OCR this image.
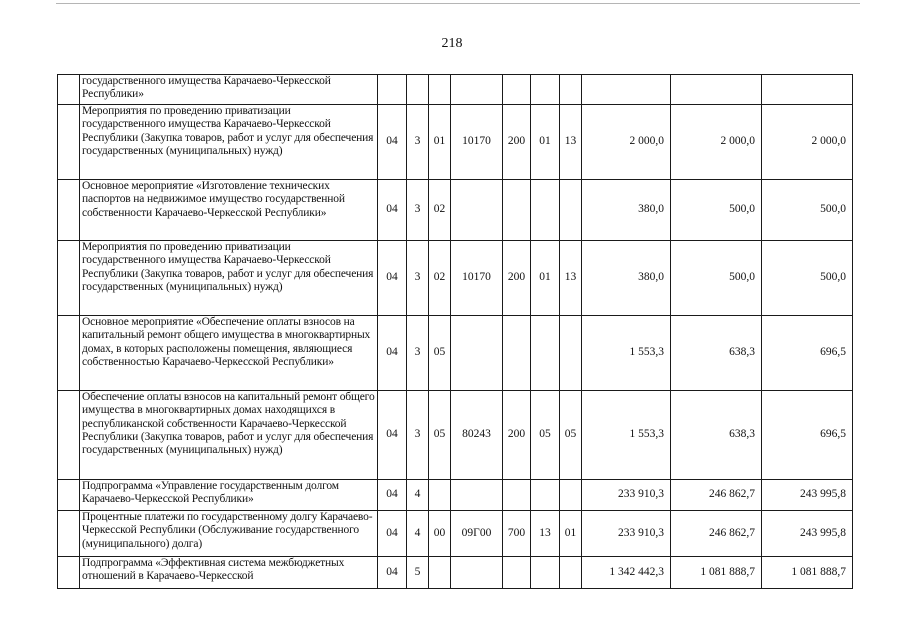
218
	государственного имущества Карачаево-Черкесской Республики»										
	Мероприятия по проведению приватизации государственного имущества Карачаево-Черкесской Республики (Закупка товаров, работ и услуг для обеспечения государственных (муниципальных) нужд)	04	3	01	10170	200	01	13	2 000,0	2 000,0	2 000,0
	Основное мероприятие «Изготовление технических паспортов на недвижимое имущество государственной собственности Карачаево-Черкесской Республики»	04	3	02					380,0	500,0	500,0
	Мероприятия по проведению приватизации государственного имущества Карачаево-Черкесской Республики (Закупка товаров, работ и услуг для обеспечения государственных (муниципальных) нужд)	04	3	02	10170	200	01	13	380,0	500,0	500,0
	Основное мероприятие «Обеспечение оплаты взносов на капитальный ремонт общего имущества в многоквартирных домах, в которых расположены помещения, являющиеся собственностью Карачаево-Черкесской Республики»	04	3	05					1 553,3	638,3	696,5
	Обеспечение оплаты взносов на капитальный ремонт общего имущества в многоквартирных домах находящихся в республиканской собственности Карачаево-Черкесской Республики (Закупка товаров, работ и услуг для обеспечения государственных (муниципальных) нужд)	04	3	05	80243	200	05	05	1 553,3	638,3	696,5
	Подпрограмма «Управление государственным долгом Карачаево-Черкесской Республики»	04	4						233 910,3	246 862,7	243 995,8
	Процентные платежи по государственному долгу Карачаево-Черкесской Республики (Обслуживание государственного (муниципального) долга)	04	4	00	09Г00	700	13	01	233 910,3	246 862,7	243 995,8
	Подпрограмма «Эффективная система межбюджетных отношений в Карачаево-Черкесской	04	5						1 342 442,3	1 081 888,7	1 081 888,7
